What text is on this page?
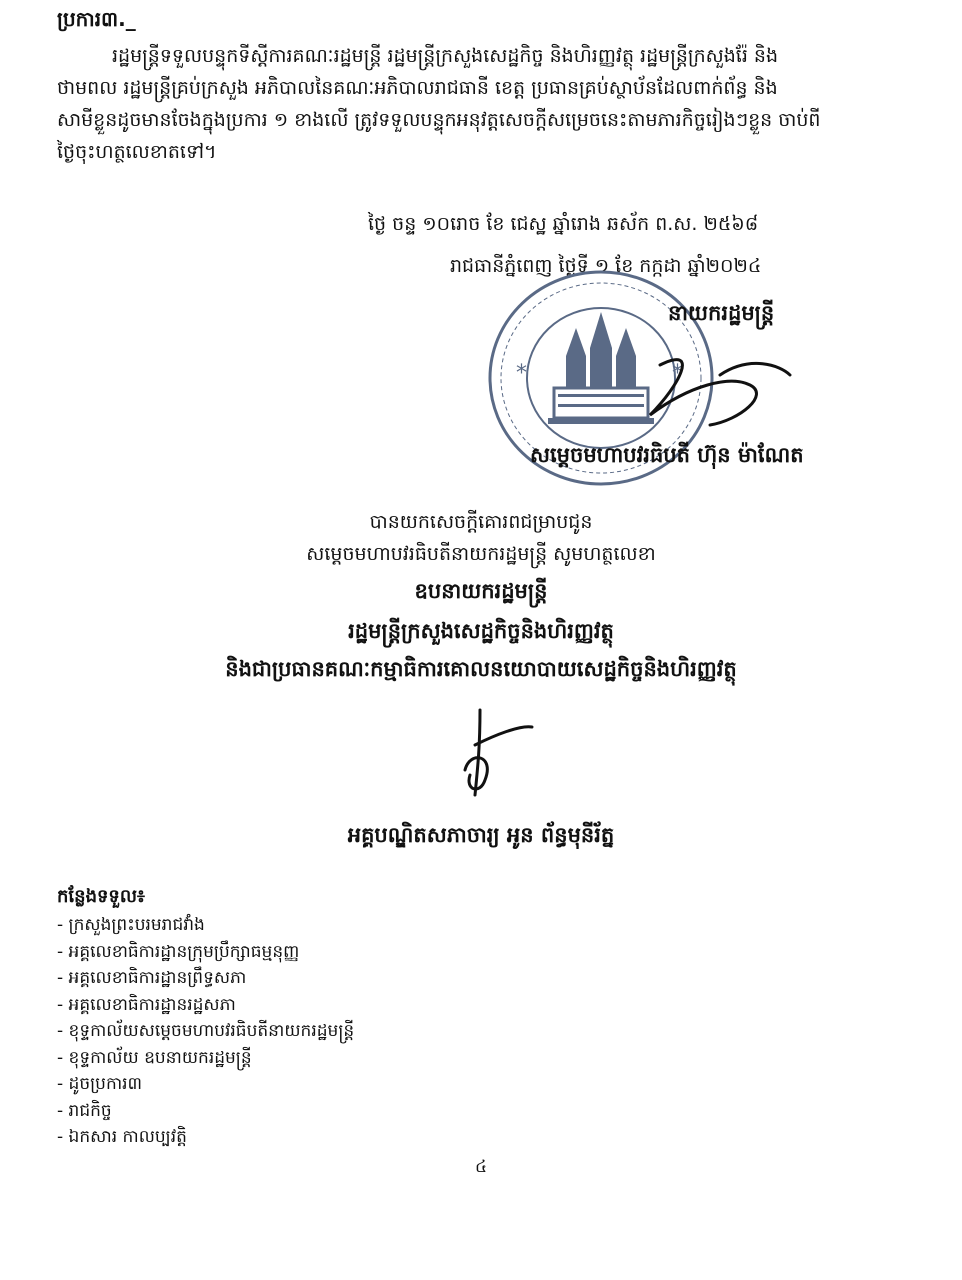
ប្រការ៣._
រដ្ឋមន្ត្រីទទួលបន្ទុកទីស្តីការគណៈរដ្ឋមន្ត្រី រដ្ឋមន្ត្រីក្រសួងសេដ្ឋកិច្ច និងហិរញ្ញវត្ថុ រដ្ឋមន្ត្រីក្រសួងរ៉ែ និង
ថាមពល រដ្ឋមន្ត្រីគ្រប់ក្រសួង អភិបាលនៃគណៈអភិបាលរាជធានី ខេត្ត ប្រធានគ្រប់ស្ថាប័នដែលពាក់ព័ន្ធ និង
សាមីខ្លួនដូចមានចែងក្នុងប្រការ ១ ខាងលើ ត្រូវទទួលបន្ទុកអនុវត្តសេចក្តីសម្រេចនេះតាមភារកិច្ចរៀងៗខ្លួន ចាប់ពី
ថ្ងៃចុះហត្ថលេខាតទៅ។
ថ្ងៃ ចន្ទ ១០រោច ខែ ជេស្ឋ ឆ្នាំរោង ឆស័ក ព.ស. ២៥៦៨
រាជធានីភ្នំពេញ ថ្ងៃទី ១ ខែ កក្កដា ឆ្នាំ២០២៤
*	*
នាយករដ្ឋមន្ត្រី
សម្តេចមហាបវរធិបតី ហ៊ុន ម៉ាណែត
បានយកសេចក្តីគោរពជម្រាបជូន
សម្តេចមហាបវរធិបតីនាយករដ្ឋមន្ត្រី សូមហត្ថលេខា
ឧបនាយករដ្ឋមន្ត្រី
រដ្ឋមន្ត្រីក្រសួងសេដ្ឋកិច្ចនិងហិរញ្ញវត្ថុ
និងជាប្រធានគណៈកម្មាធិការគោលនយោបាយសេដ្ឋកិច្ចនិងហិរញ្ញវត្ថុ
អគ្គបណ្ឌិតសភាចារ្យ អូន ព័ន្ធមុនីរ័ត្ន
កន្លែងទទួល៖
- ក្រសួងព្រះបរមរាជវាំង
- អគ្គលេខាធិការដ្ឋានក្រុមប្រឹក្សាធម្មនុញ្ញ
- អគ្គលេខាធិការដ្ឋានព្រឹទ្ធសភា
- អគ្គលេខាធិការដ្ឋានរដ្ឋសភា
- ខុទ្ទកាល័យសម្តេចមហាបវរធិបតីនាយករដ្ឋមន្ត្រី
- ខុទ្ទកាល័យ ឧបនាយករដ្ឋមន្ត្រី
- ដូចប្រការ៣
- រាជកិច្ច
- ឯកសារ កាលប្បវត្តិ
៤
